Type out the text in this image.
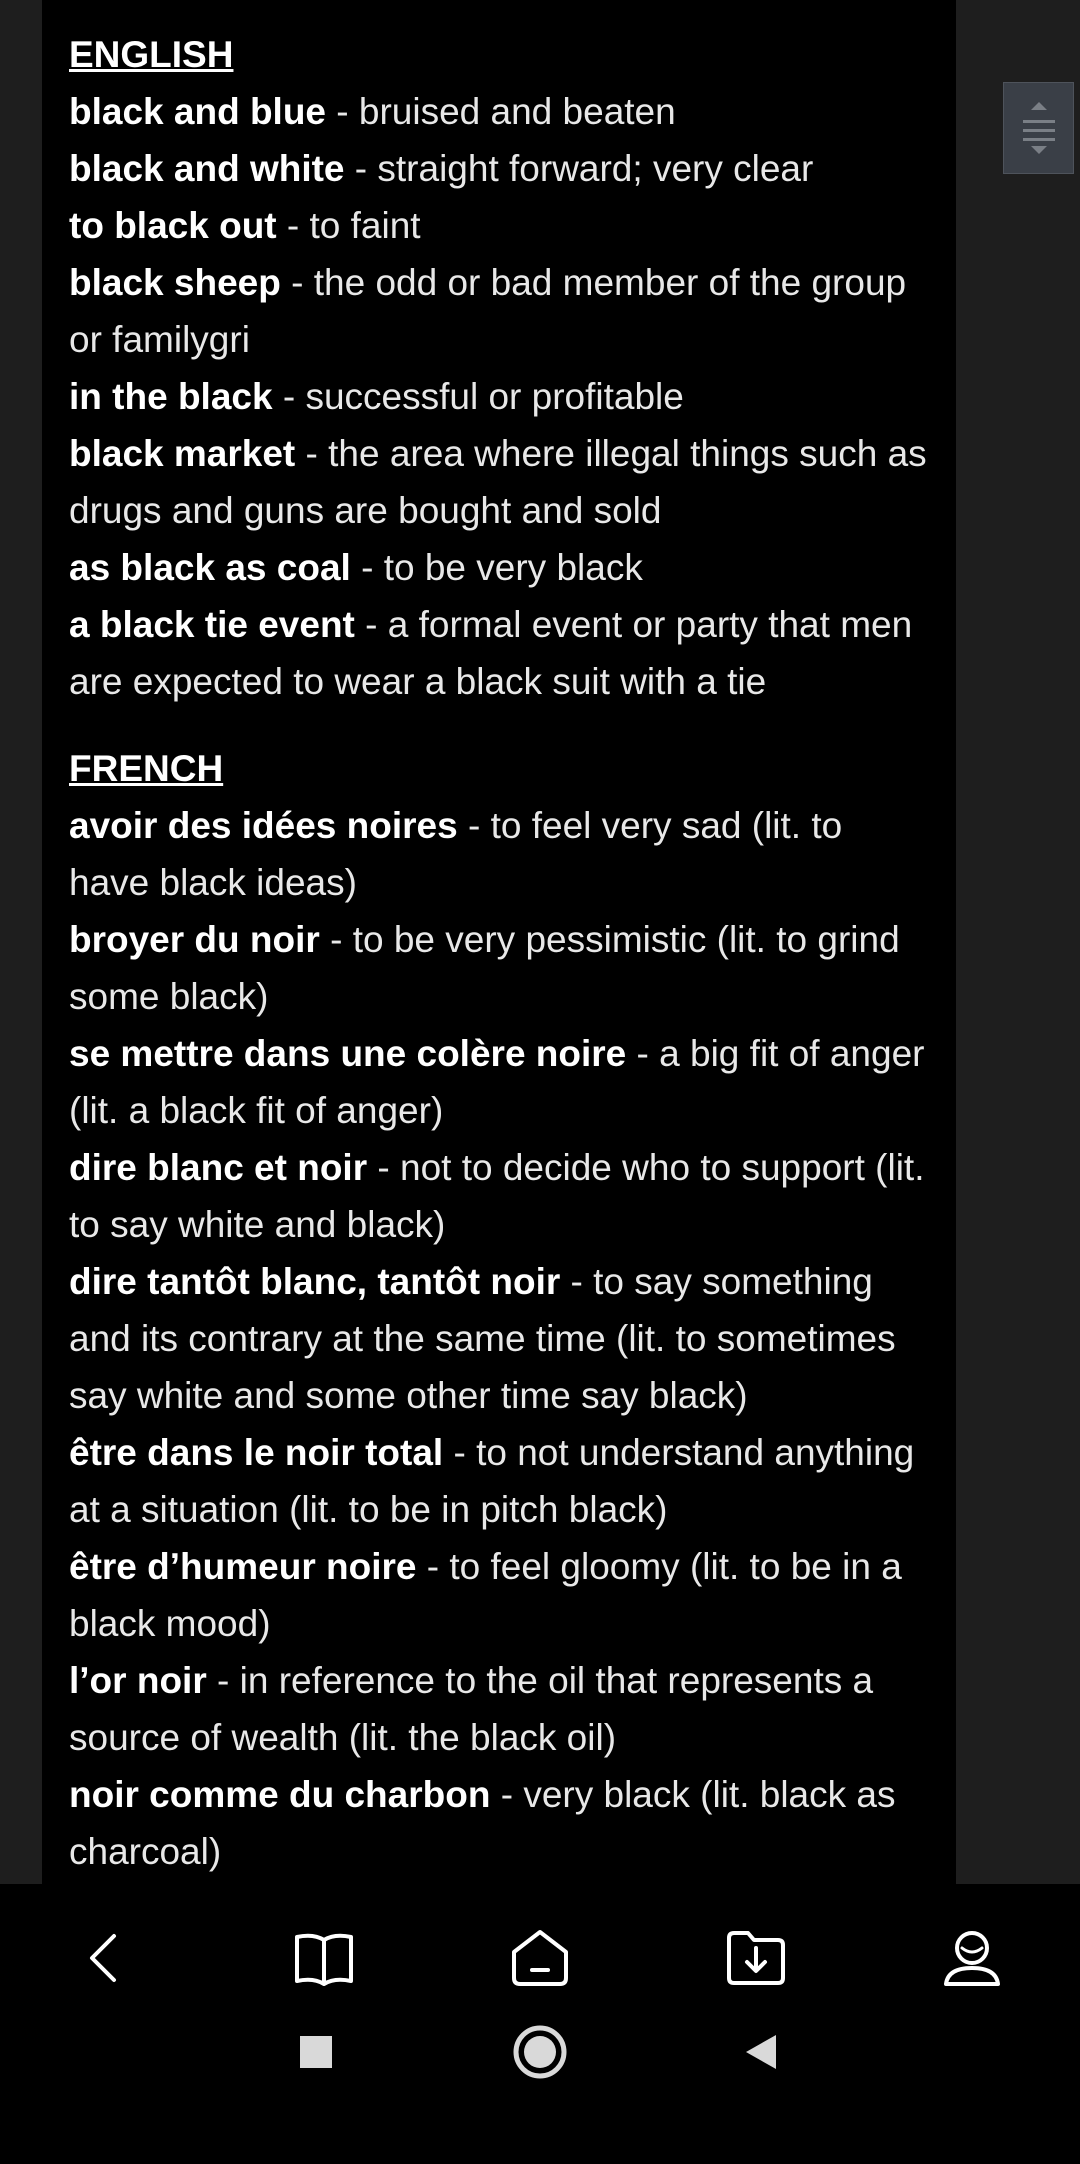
ENGLISH

black and blue - bruised and beaten

black and white - straight forward; very clear

to black out - to faint

black sheep - the odd or bad member of the group or familygri

in the black - successful or profitable

black market - the area where illegal things such as drugs and guns are bought and sold

as black as coal - to be very black

a black tie event - a formal event or party that men are expected to wear a black suit with a tie

FRENCH

avoir des idées noires - to feel very sad (lit. to have black ideas)

broyer du noir - to be very pessimistic (lit. to grind some black)

se mettre dans une colère noire - a big fit of anger (lit. a black fit of anger)

dire blanc et noir - not to decide who to support (lit. to say white and black)

dire tantôt blanc, tantôt noir - to say something and its contrary at the same time (lit. to sometimes say white and some other time say black)

être dans le noir total - to not understand anything at a situation (lit. to be in pitch black)

être d’humeur noire - to feel gloomy (lit. to be in a black mood)

l’or noir - in reference to the oil that represents a source of wealth (lit. the black oil)

noir comme du charbon - very black (lit. black as charcoal)
